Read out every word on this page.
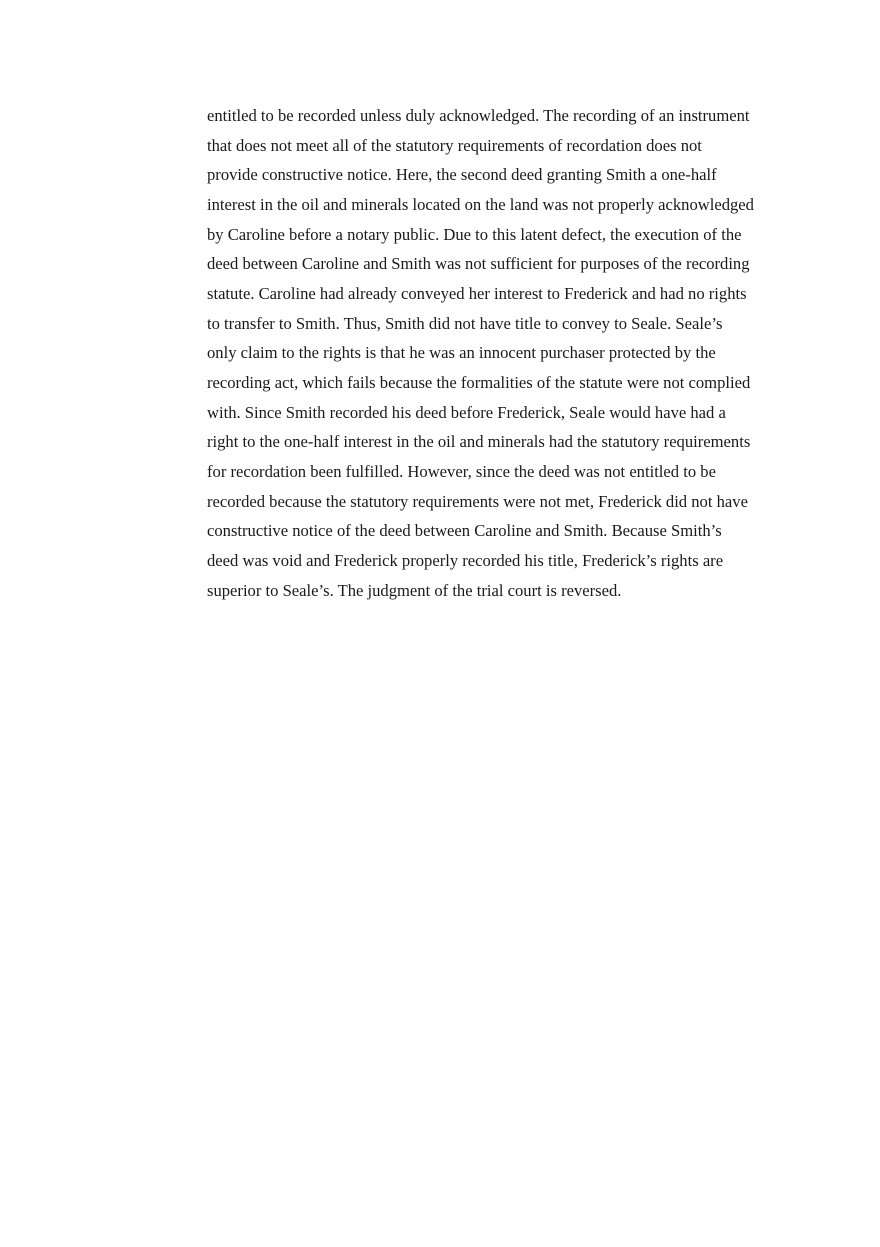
entitled to be recorded unless duly acknowledged. The recording of an instrument
that does not meet all of the statutory requirements of recordation does not
provide constructive notice. Here, the second deed granting Smith a one-half
interest in the oil and minerals located on the land was not properly acknowledged
by Caroline before a notary public. Due to this latent defect, the execution of the
deed between Caroline and Smith was not sufficient for purposes of the recording
statute. Caroline had already conveyed her interest to Frederick and had no rights
to transfer to Smith. Thus, Smith did not have title to convey to Seale. Seale’s
only claim to the rights is that he was an innocent purchaser protected by the
recording act, which fails because the formalities of the statute were not complied
with. Since Smith recorded his deed before Frederick, Seale would have had a
right to the one-half interest in the oil and minerals had the statutory requirements
for recordation been fulfilled. However, since the deed was not entitled to be
recorded because the statutory requirements were not met, Frederick did not have
constructive notice of the deed between Caroline and Smith. Because Smith’s
deed was void and Frederick properly recorded his title, Frederick’s rights are
superior to Seale’s. The judgment of the trial court is reversed.
